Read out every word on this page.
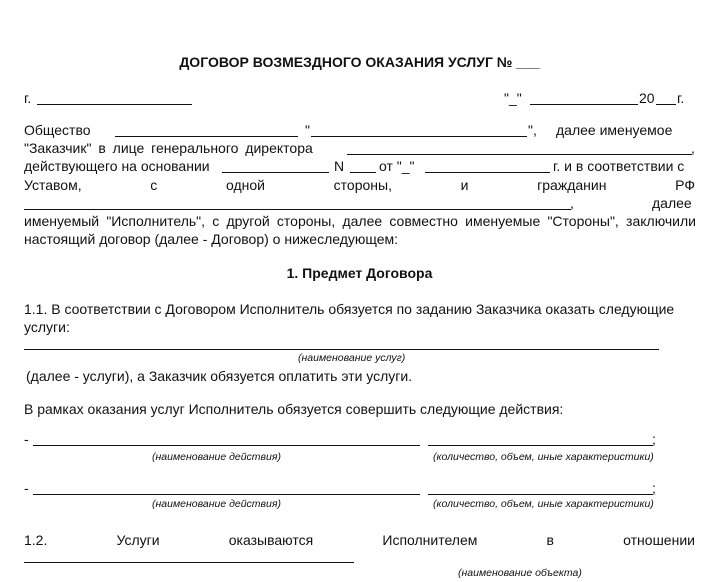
ДОГОВОР ВОЗМЕЗДНОГО ОКАЗАНИЯ УСЛУГ № ___
г.	"_"	20 г.
Общество	"	", далее именуемое
"Заказчик" в лице генерального директора	,
действующего на основании	N от "_"	г. и в соответствии с
Уставом,	с	одной	стороны,	и	гражданин	РФ
,	далее
именуемый "Исполнитель", с другой стороны, далее совместно именуемые "Стороны", заключили
настоящий договор (далее - Договор) о нижеследующем:
1. Предмет Договора
1.1. В соответствии с Договором Исполнитель обязуется по заданию Заказчика оказать следующие
услуги:
(наименование услуг)
(далее - услуги), а Заказчик обязуется оплатить эти услуги.
В рамках оказания услуг Исполнитель обязуется совершить следующие действия:
-	;
(наименование действия)	(количество, объем, иные характеристики)
-	;
(наименование действия)	(количество, объем, иные характеристики)
1.2.	Услуги	оказываются	Исполнителем	в	отношении
(наименование объекта)
